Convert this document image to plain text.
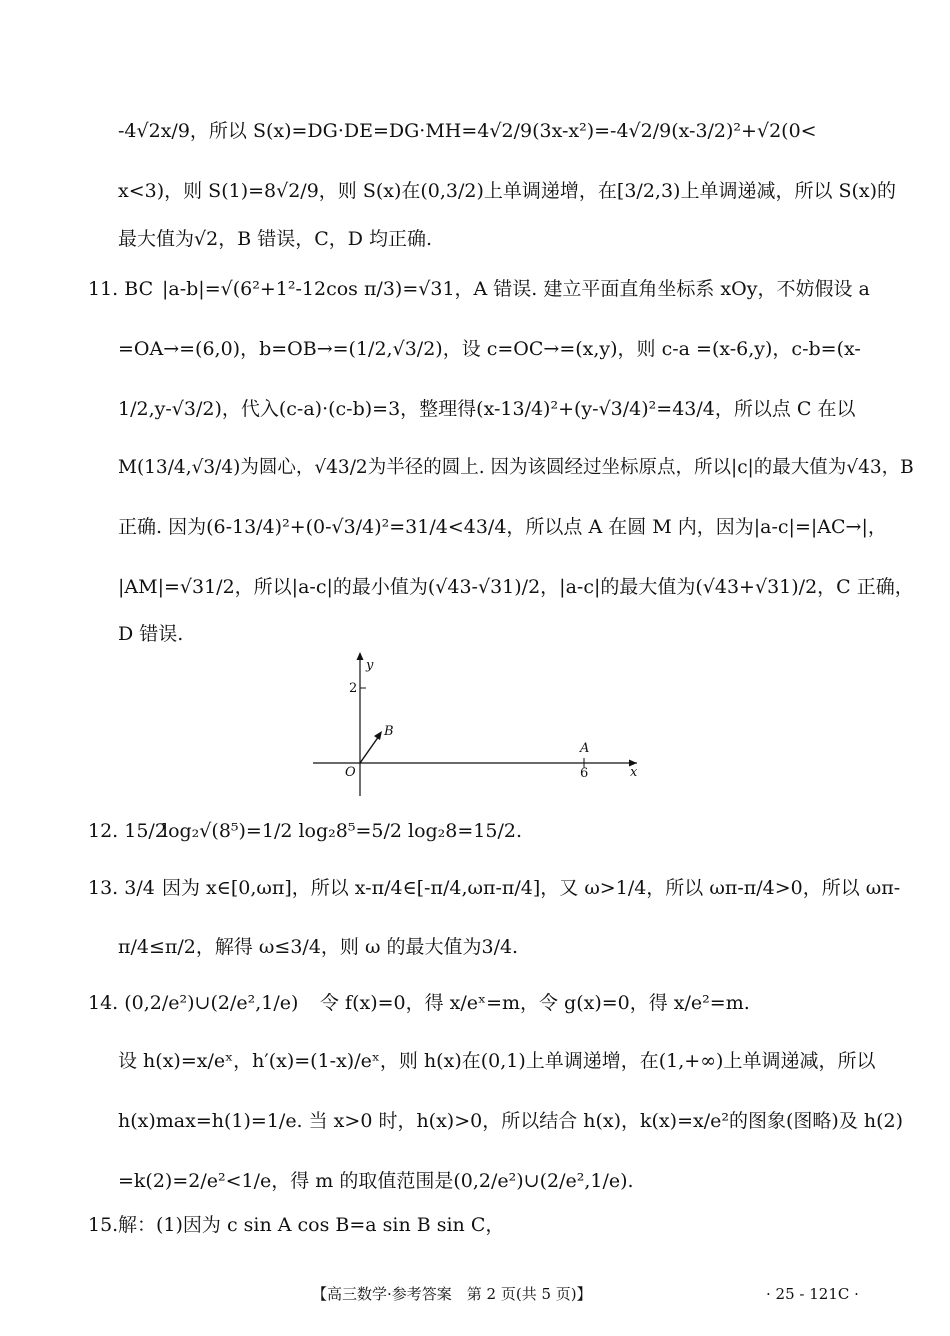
-4√2x/9，所以 S(x)=DG·DE=DG·MH=4√2/9(3x-x²)=-4√2/9(x-3/2)²+√2(0<
x<3)，则 S(1)=8√2/9，则 S(x)在(0,3/2)上单调递增，在[3/2,3)上单调递减，所以 S(x)的
最大值为√2，B 错误，C，D 均正确.
11. BC |a-b|=√(6²+1²-12cos π/3)=√31，A 错误. 建立平面直角坐标系 xOy，不妨假设 a
=OA→=(6,0)，b=OB→=(1/2,√3/2)，设 c=OC→=(x,y)，则 c-a =(x-6,y)，c-b=(x-
1/2,y-√3/2)，代入(c-a)·(c-b)=3，整理得(x-13/4)²+(y-√3/4)²=43/4，所以点 C 在以
M(13/4,√3/4)为圆心，√43/2为半径的圆上. 因为该圆经过坐标原点，所以|c|的最大值为√43，B
正确. 因为(6-13/4)²+(0-√3/4)²=31/4<43/4，所以点 A 在圆 M 内，因为|a-c|=|AC→|，
|AM|=√31/2，所以|a-c|的最小值为(√43-√31)/2，|a-c|的最大值为(√43+√31)/2，C 正确，
D 错误.
y
x
O
2
6
A
B
12. 15/2
log₂√(8⁵)=1/2 log₂8⁵=5/2 log₂8=15/2.
13. 3/4 因为 x∈[0,ωπ]，所以 x-π/4∈[-π/4,ωπ-π/4]，又 ω>1/4，所以 ωπ-π/4>0，所以 ωπ-
π/4≤π/2，解得 ω≤3/4，则 ω 的最大值为3/4.
14. (0,2/e²)∪(2/e²,1/e) 令 f(x)=0，得 x/eˣ=m，令 g(x)=0，得 x/e²=m.
设 h(x)=x/eˣ，h′(x)=(1-x)/eˣ，则 h(x)在(0,1)上单调递增，在(1,+∞)上单调递减，所以
h(x)max=h(1)=1/e. 当 x>0 时，h(x)>0，所以结合 h(x)，k(x)=x/e²的图象(图略)及 h(2)
=k(2)=2/e²<1/e，得 m 的取值范围是(0,2/e²)∪(2/e²,1/e).
15. 解：(1)因为 c sin A cos B=a sin B sin C，
【高三数学·参考答案　第 2 页(共 5 页)】	· 25 - 121C ·
